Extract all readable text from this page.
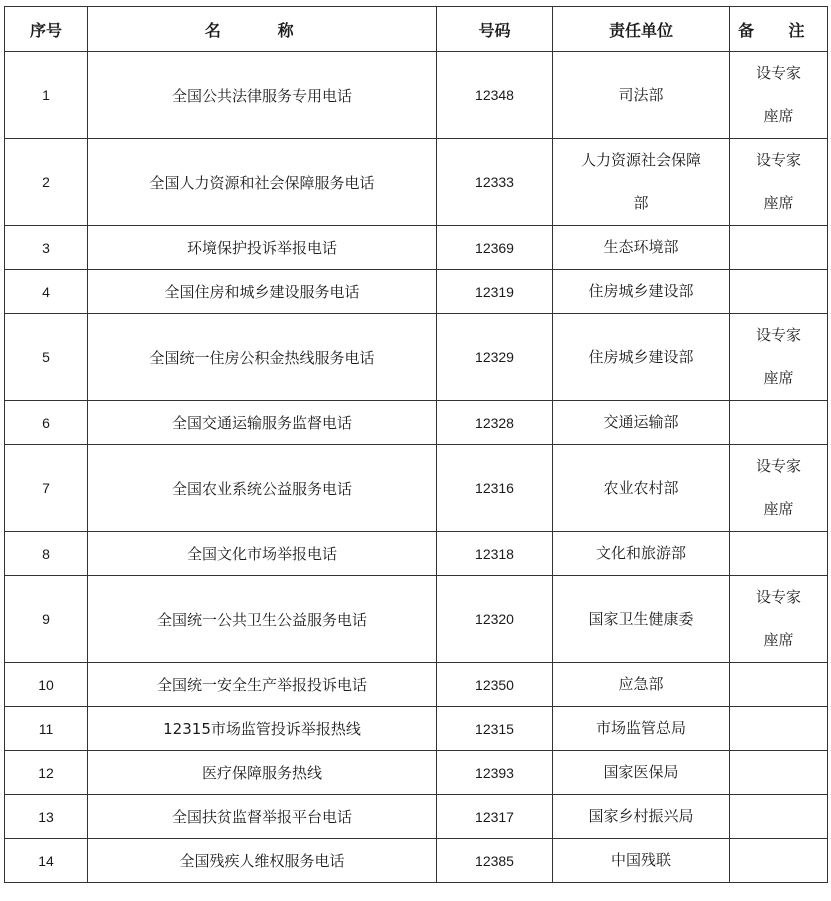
序号	名 称	号码	责任单位	备 注
1	全国公共法律服务专用电话	12348	司法部	设专家座席
2	全国人力资源和社会保障服务电话	12333	人力资源社会保障部	设专家座席
3	环境保护投诉举报电话	12369	生态环境部	
4	全国住房和城乡建设服务电话	12319	住房城乡建设部	
5	全国统一住房公积金热线服务电话	12329	住房城乡建设部	设专家座席
6	全国交通运输服务监督电话	12328	交通运输部	
7	全国农业系统公益服务电话	12316	农业农村部	设专家座席
8	全国文化市场举报电话	12318	文化和旅游部	
9	全国统一公共卫生公益服务电话	12320	国家卫生健康委	设专家座席
10	全国统一安全生产举报投诉电话	12350	应急部	
11	12315市场监管投诉举报热线	12315	市场监管总局	
12	医疗保障服务热线	12393	国家医保局	
13	全国扶贫监督举报平台电话	12317	国家乡村振兴局	
14	全国残疾人维权服务电话	12385	中国残联	
